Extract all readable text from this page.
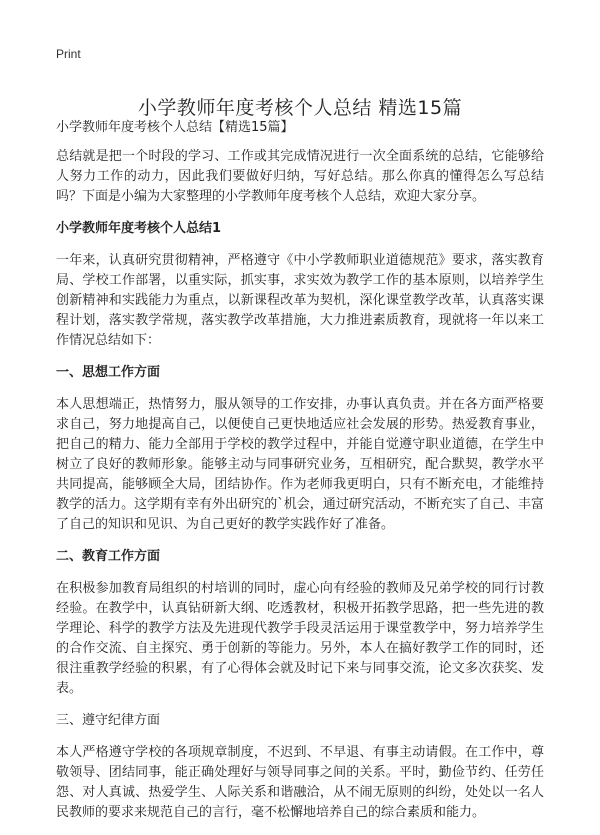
Print
小学教师年度考核个人总结 精选15篇
小学教师年度考核个人总结【精选15篇】

总结就是把一个时段的学习、工作或其完成情况进行一次全面系统的总结，它能够给人努力工作的动力，因此我们要做好归纳，写好总结。那么你真的懂得怎么写总结吗？下面是小编为大家整理的小学教师年度考核个人总结，欢迎大家分享。

小学教师年度考核个人总结1

一年来，认真研究贯彻精神，严格遵守《中小学教师职业道德规范》要求，落实教育局、学校工作部署，以重实际，抓实事，求实效为教学工作的基本原则，以培养学生创新精神和实践能力为重点，以新课程改革为契机，深化课堂教学改革，认真落实课程计划，落实教学常规，落实教学改革措施，大力推进素质教育，现就将一年以来工作情况总结如下：

一、思想工作方面

本人思想端正，热情努力，服从领导的工作安排，办事认真负责。并在各方面严格要求自己，努力地提高自己，以便使自己更快地适应社会发展的形势。热爱教育事业，把自己的精力、能力全部用于学校的教学过程中，并能自觉遵守职业道德，在学生中树立了良好的教师形象。能够主动与同事研究业务，互相研究，配合默契，教学水平共同提高，能够顾全大局，团结协作。作为老师我更明白，只有不断充电，才能维持教学的活力。这学期有幸有外出研究的`机会，通过研究活动，不断充实了自己、丰富了自己的知识和见识、为自己更好的教学实践作好了准备。

二、教育工作方面

在积极参加教育局组织的村培训的同时，虚心向有经验的教师及兄弟学校的同行讨教经验。在教学中，认真钻研新大纲、吃透教材，积极开拓教学思路，把一些先进的教学理论、科学的教学方法及先进现代教学手段灵活运用于课堂教学中，努力培养学生的合作交流、自主探究、勇于创新的等能力。另外，本人在搞好教学工作的同时，还很注重教学经验的积累，有了心得体会就及时记下来与同事交流，论文多次获奖、发表。

三、遵守纪律方面

本人严格遵守学校的各项规章制度，不迟到、不早退、有事主动请假。在工作中，尊敬领导、团结同事，能正确处理好与领导同事之间的关系。平时，勤俭节约、任劳任怨、对人真诚、热爱学生、人际关系和谐融洽，从不闹无原则的纠纷，处处以一名人民教师的要求来规范自己的言行，毫不松懈地培养自己的综合素质和能力。
